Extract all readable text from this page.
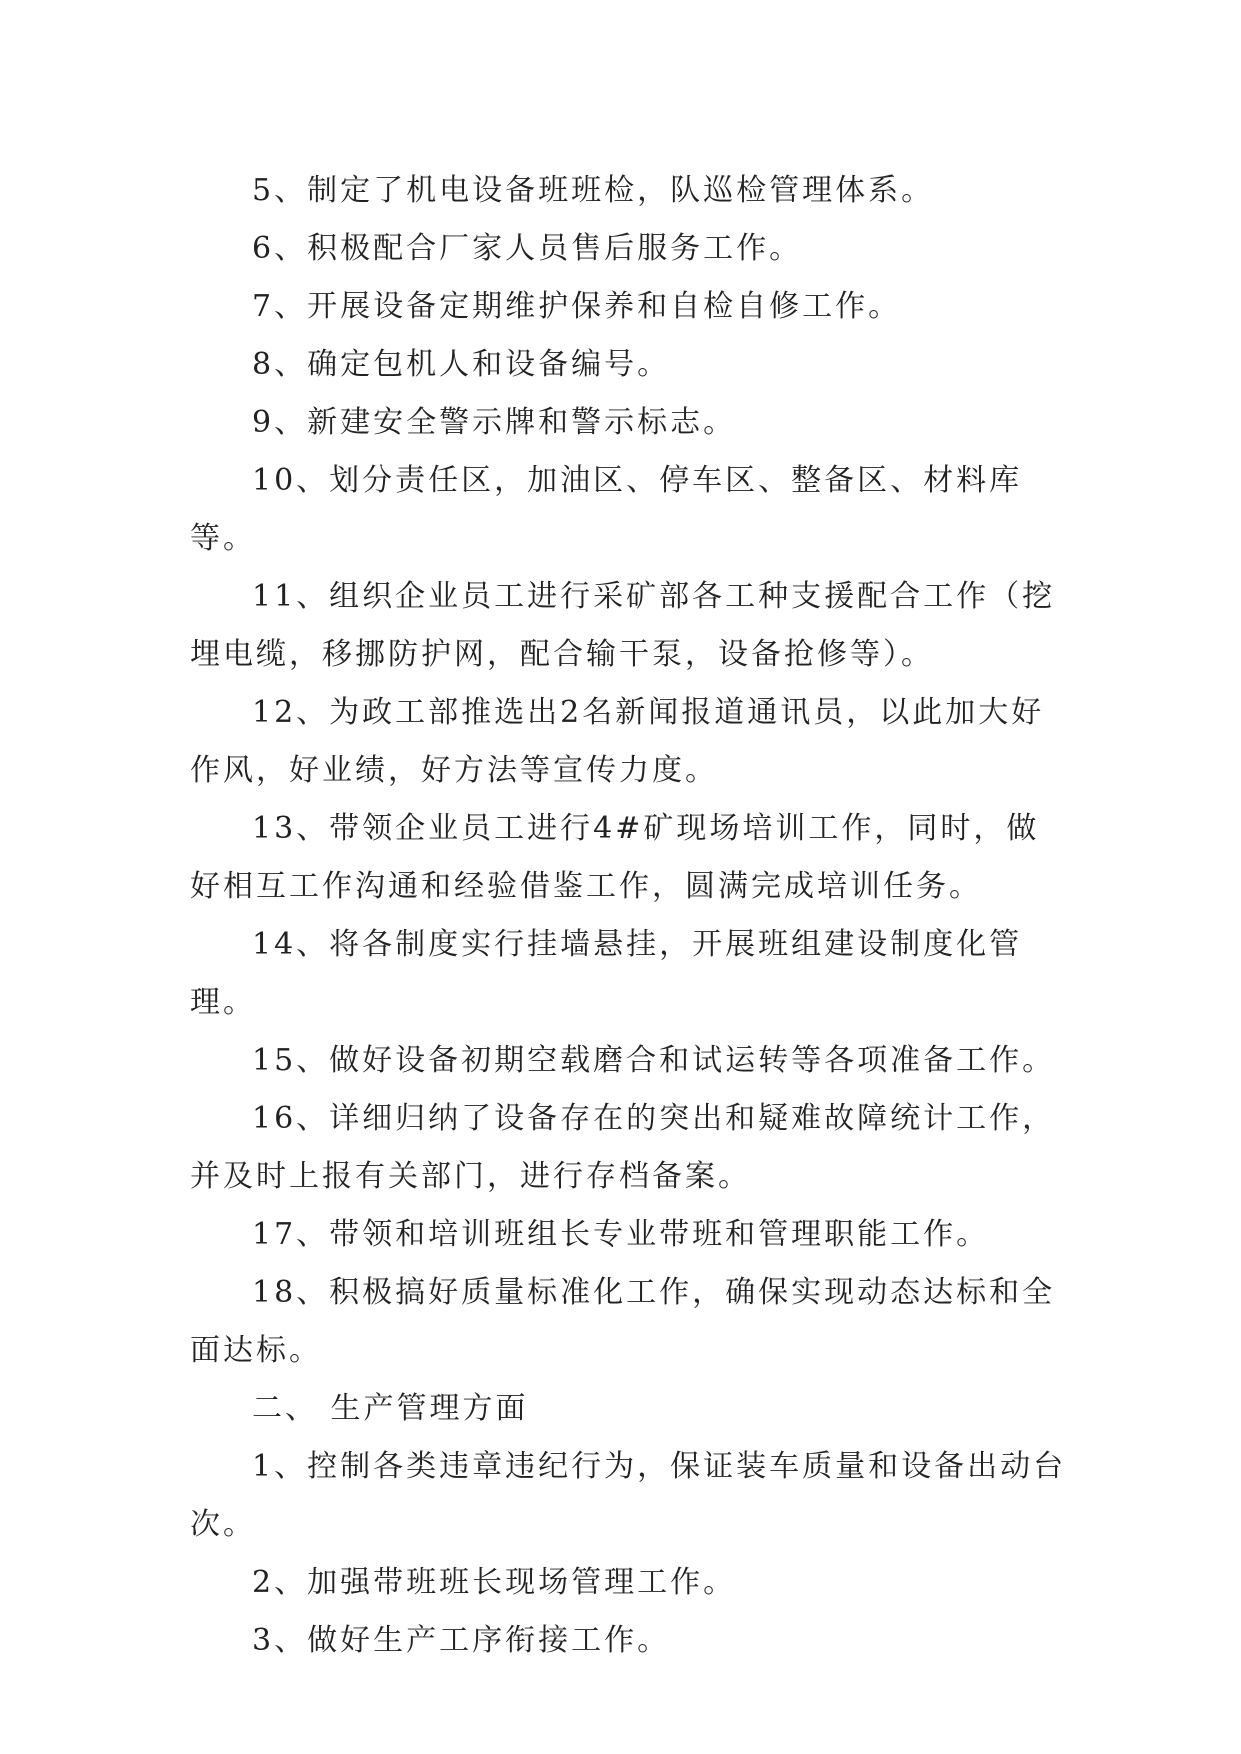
5、制定了机电设备班班检，队巡检管理体系。

6、积极配合厂家人员售后服务工作。

7、开展设备定期维护保养和自检自修工作。

8、确定包机人和设备编号。

9、新建安全警示牌和警示标志。

10、划分责任区，加油区、停车区、整备区、材料库等。

11、组织企业员工进行采矿部各工种支援配合工作（挖埋电缆，移挪防护网，配合输干泵，设备抢修等）。

12、为政工部推选出2名新闻报道通讯员，以此加大好作风，好业绩，好方法等宣传力度。

13、带领企业员工进行4#矿现场培训工作，同时，做好相互工作沟通和经验借鉴工作，圆满完成培训任务。

14、将各制度实行挂墙悬挂，开展班组建设制度化管理。

15、做好设备初期空载磨合和试运转等各项准备工作。

16、详细归纳了设备存在的突出和疑难故障统计工作，并及时上报有关部门，进行存档备案。

17、带领和培训班组长专业带班和管理职能工作。

18、积极搞好质量标准化工作，确保实现动态达标和全面达标。

二、 生产管理方面

1、控制各类违章违纪行为，保证装车质量和设备出动台次。

2、加强带班班长现场管理工作。

3、做好生产工序衔接工作。
